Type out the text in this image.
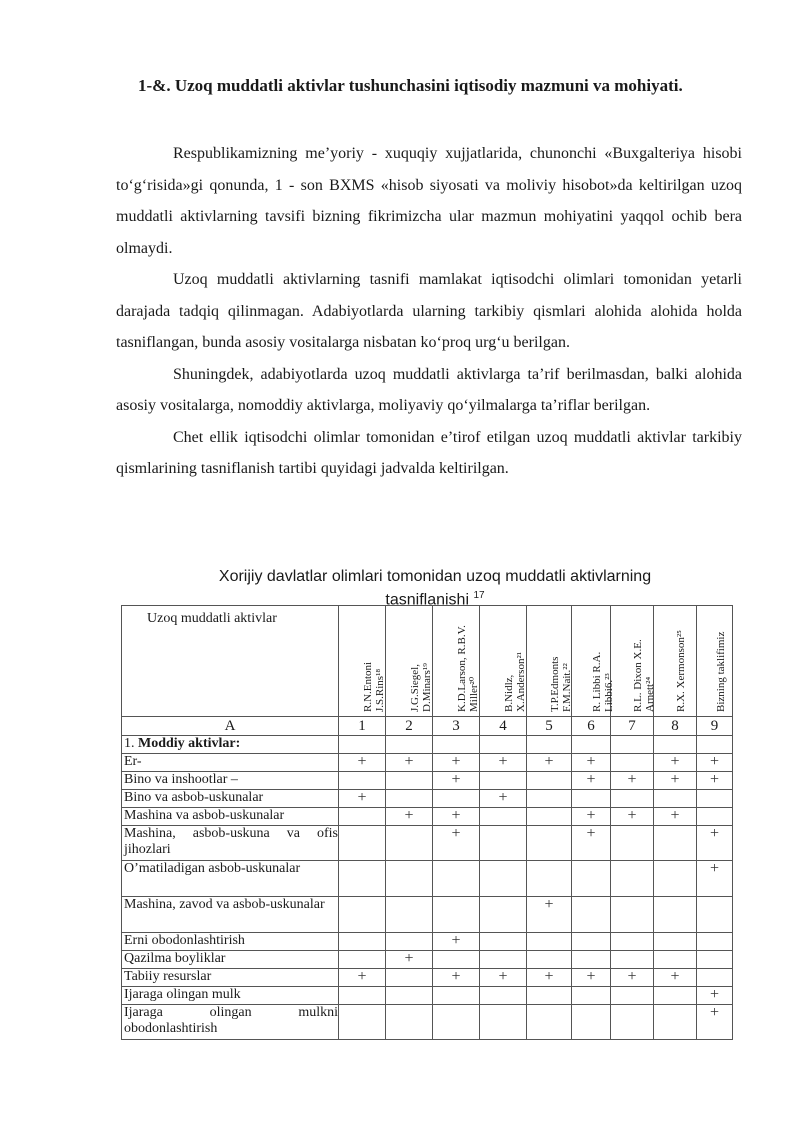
1-&. Uzoq muddatli aktivlar tushunchasini iqtisodiy mazmuni va mohiyati.

Respublikamizning me’yoriy - xuquqiy xujjatlarida, chunonchi «Buxgalteriya hisobi to‘g‘risida»gi qonunda, 1 - son BXMS «hisob siyosati va moliviy hisobot»da keltirilgan uzoq muddatli aktivlarning tavsifi bizning fikrimizcha ular mazmun mohiyatini yaqqol ochib bera olmaydi.

Uzoq muddatli aktivlarning tasnifi mamlakat iqtisodchi olimlari tomonidan yetarli darajada tadqiq qilinmagan. Adabiyotlarda ularning tarkibiy qismlari alohida alohida holda tasniflangan, bunda asosiy vositalarga nisbatan ko‘proq urg‘u berilgan.

Shuningdek, adabiyotlarda uzoq muddatli aktivlarga ta’rif berilmasdan, balki alohida asosiy vositalarga, nomoddiy aktivlarga, moliyaviy qo‘yilmalarga ta’riflar berilgan.

Chet ellik iqtisodchi olimlar tomonidan e’tirof etilgan uzoq muddatli aktivlar tarkibiy qismlarining tasniflanish tartibi quyidagi jadvalda keltirilgan.

Xorijiy davlatlar olimlari tomonidan uzoq muddatli aktivlarning
tasniflanishi $^{17}$
Uzoq muddatli aktivlar	R.N.Entoni J.S.Rins¹⁸	J.G.Siegel, D.Minars¹⁹	K.D.Larson, R.B.V. Miller²⁰	B.Nidlz, X.Anderson²¹	T.P.Edmonts F.M.Nait.²²	R. Libbi R.A. Libbi6.²³	R.L. Dixon X.E. Arnett²⁴	R.X. Xermonson²⁵	Bizning taklifimiz

A	1	2	3	4	5	6	7	8	9
1. Moddiy aktivlar:									
Er-	+	+	+	+	+	+		+	+
Bino va inshootlar –			+			+	+	+	+
Bino va asbob-uskunalar	+			+					
Mashina va asbob-uskunalar		+	+			+	+	+	
Mashina, asbob-uskuna va ofis jihozlari			+			+			+
O’matiladigan asbob-uskunalar									+
Mashina, zavod va asbob-uskunalar					+				
Erni obodonlashtirish			+						
Qazilma boyliklar		+							
Tabiiy resurslar	+		+	+	+	+	+	+	
Ijaraga olingan mulk									+
Ijaraga olingan mulkni obodonlashtirish									+
